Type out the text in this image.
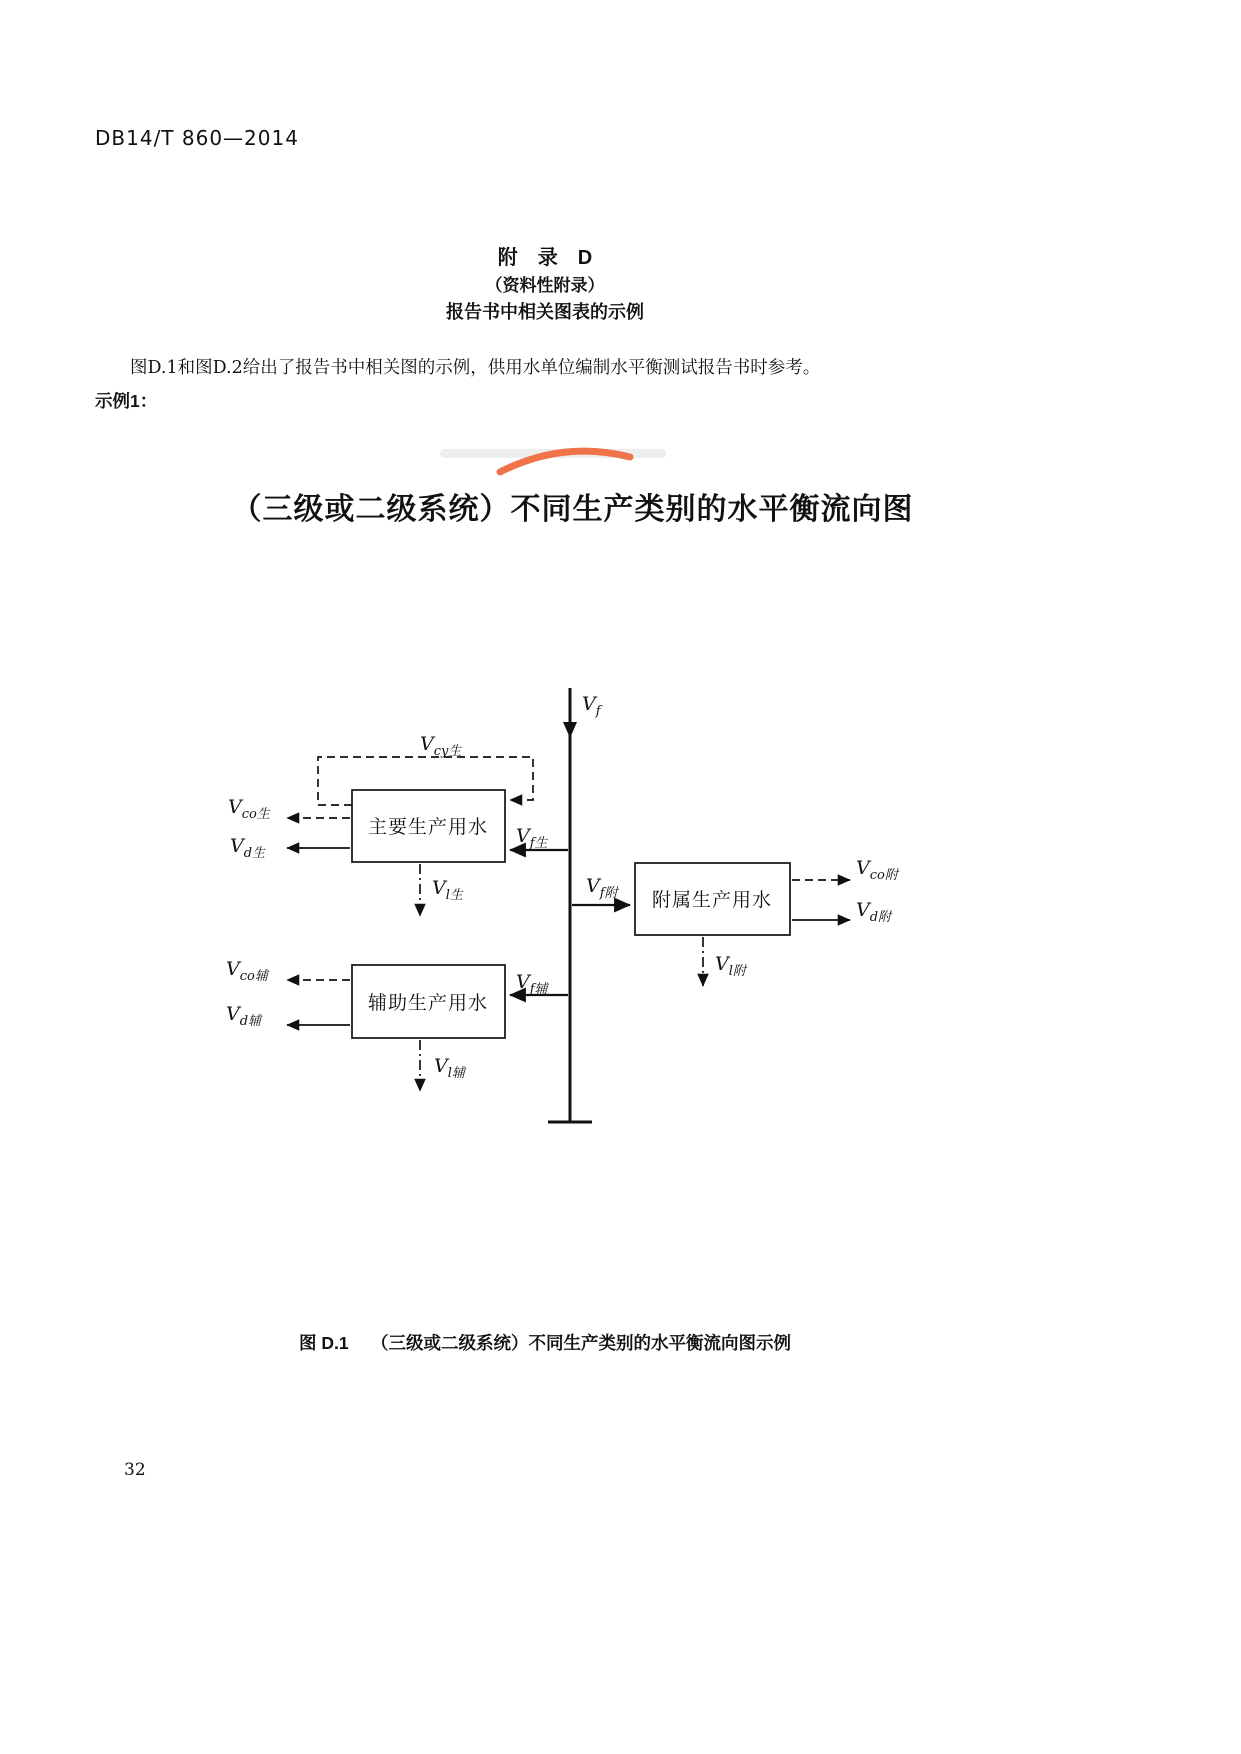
DB14/T 860—2014
附　录　D
（资料性附录）
报告书中相关图表的示例

图D.1和图D.2给出了报告书中相关图的示例，供用水单位编制水平衡测试报告书时参考。

示例1：
（三级或二级系统）不同生产类别的水平衡流向图
主要生产用水
附属生产用水
辅助生产用水
$V_f$
$V_{cy生}$
$V_{co生}$
$V_{d生}$
$V_{f生}$
$V_{l生}$	$V_{f附}$
$V_{co附}$
$V_{d附}$
$V_{l附}$
$V_{co辅}$
$V_{d辅}$
$V_{f辅}$
$V_{l辅}$
图 D.1　 （三级或二级系统）不同生产类别的水平衡流向图示例
32
